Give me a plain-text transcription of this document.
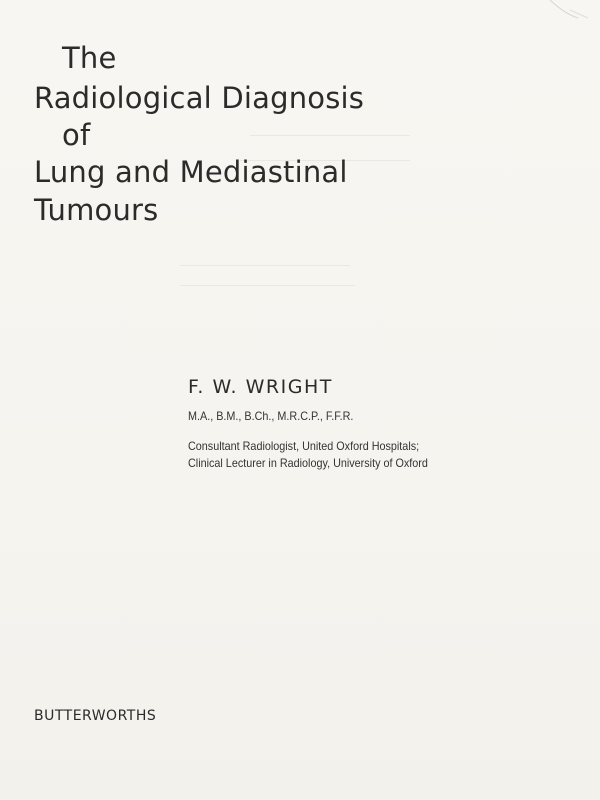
​
The
Radiological Diagnosis
of
Lung and Mediastinal
Tumours
F. W. WRIGHT
M.A., B.M., B.Ch., M.R.C.P., F.F.R.
Consultant Radiologist, United Oxford Hospitals;
Clinical Lecturer in Radiology, University of Oxford
BUTTERWORTHS
